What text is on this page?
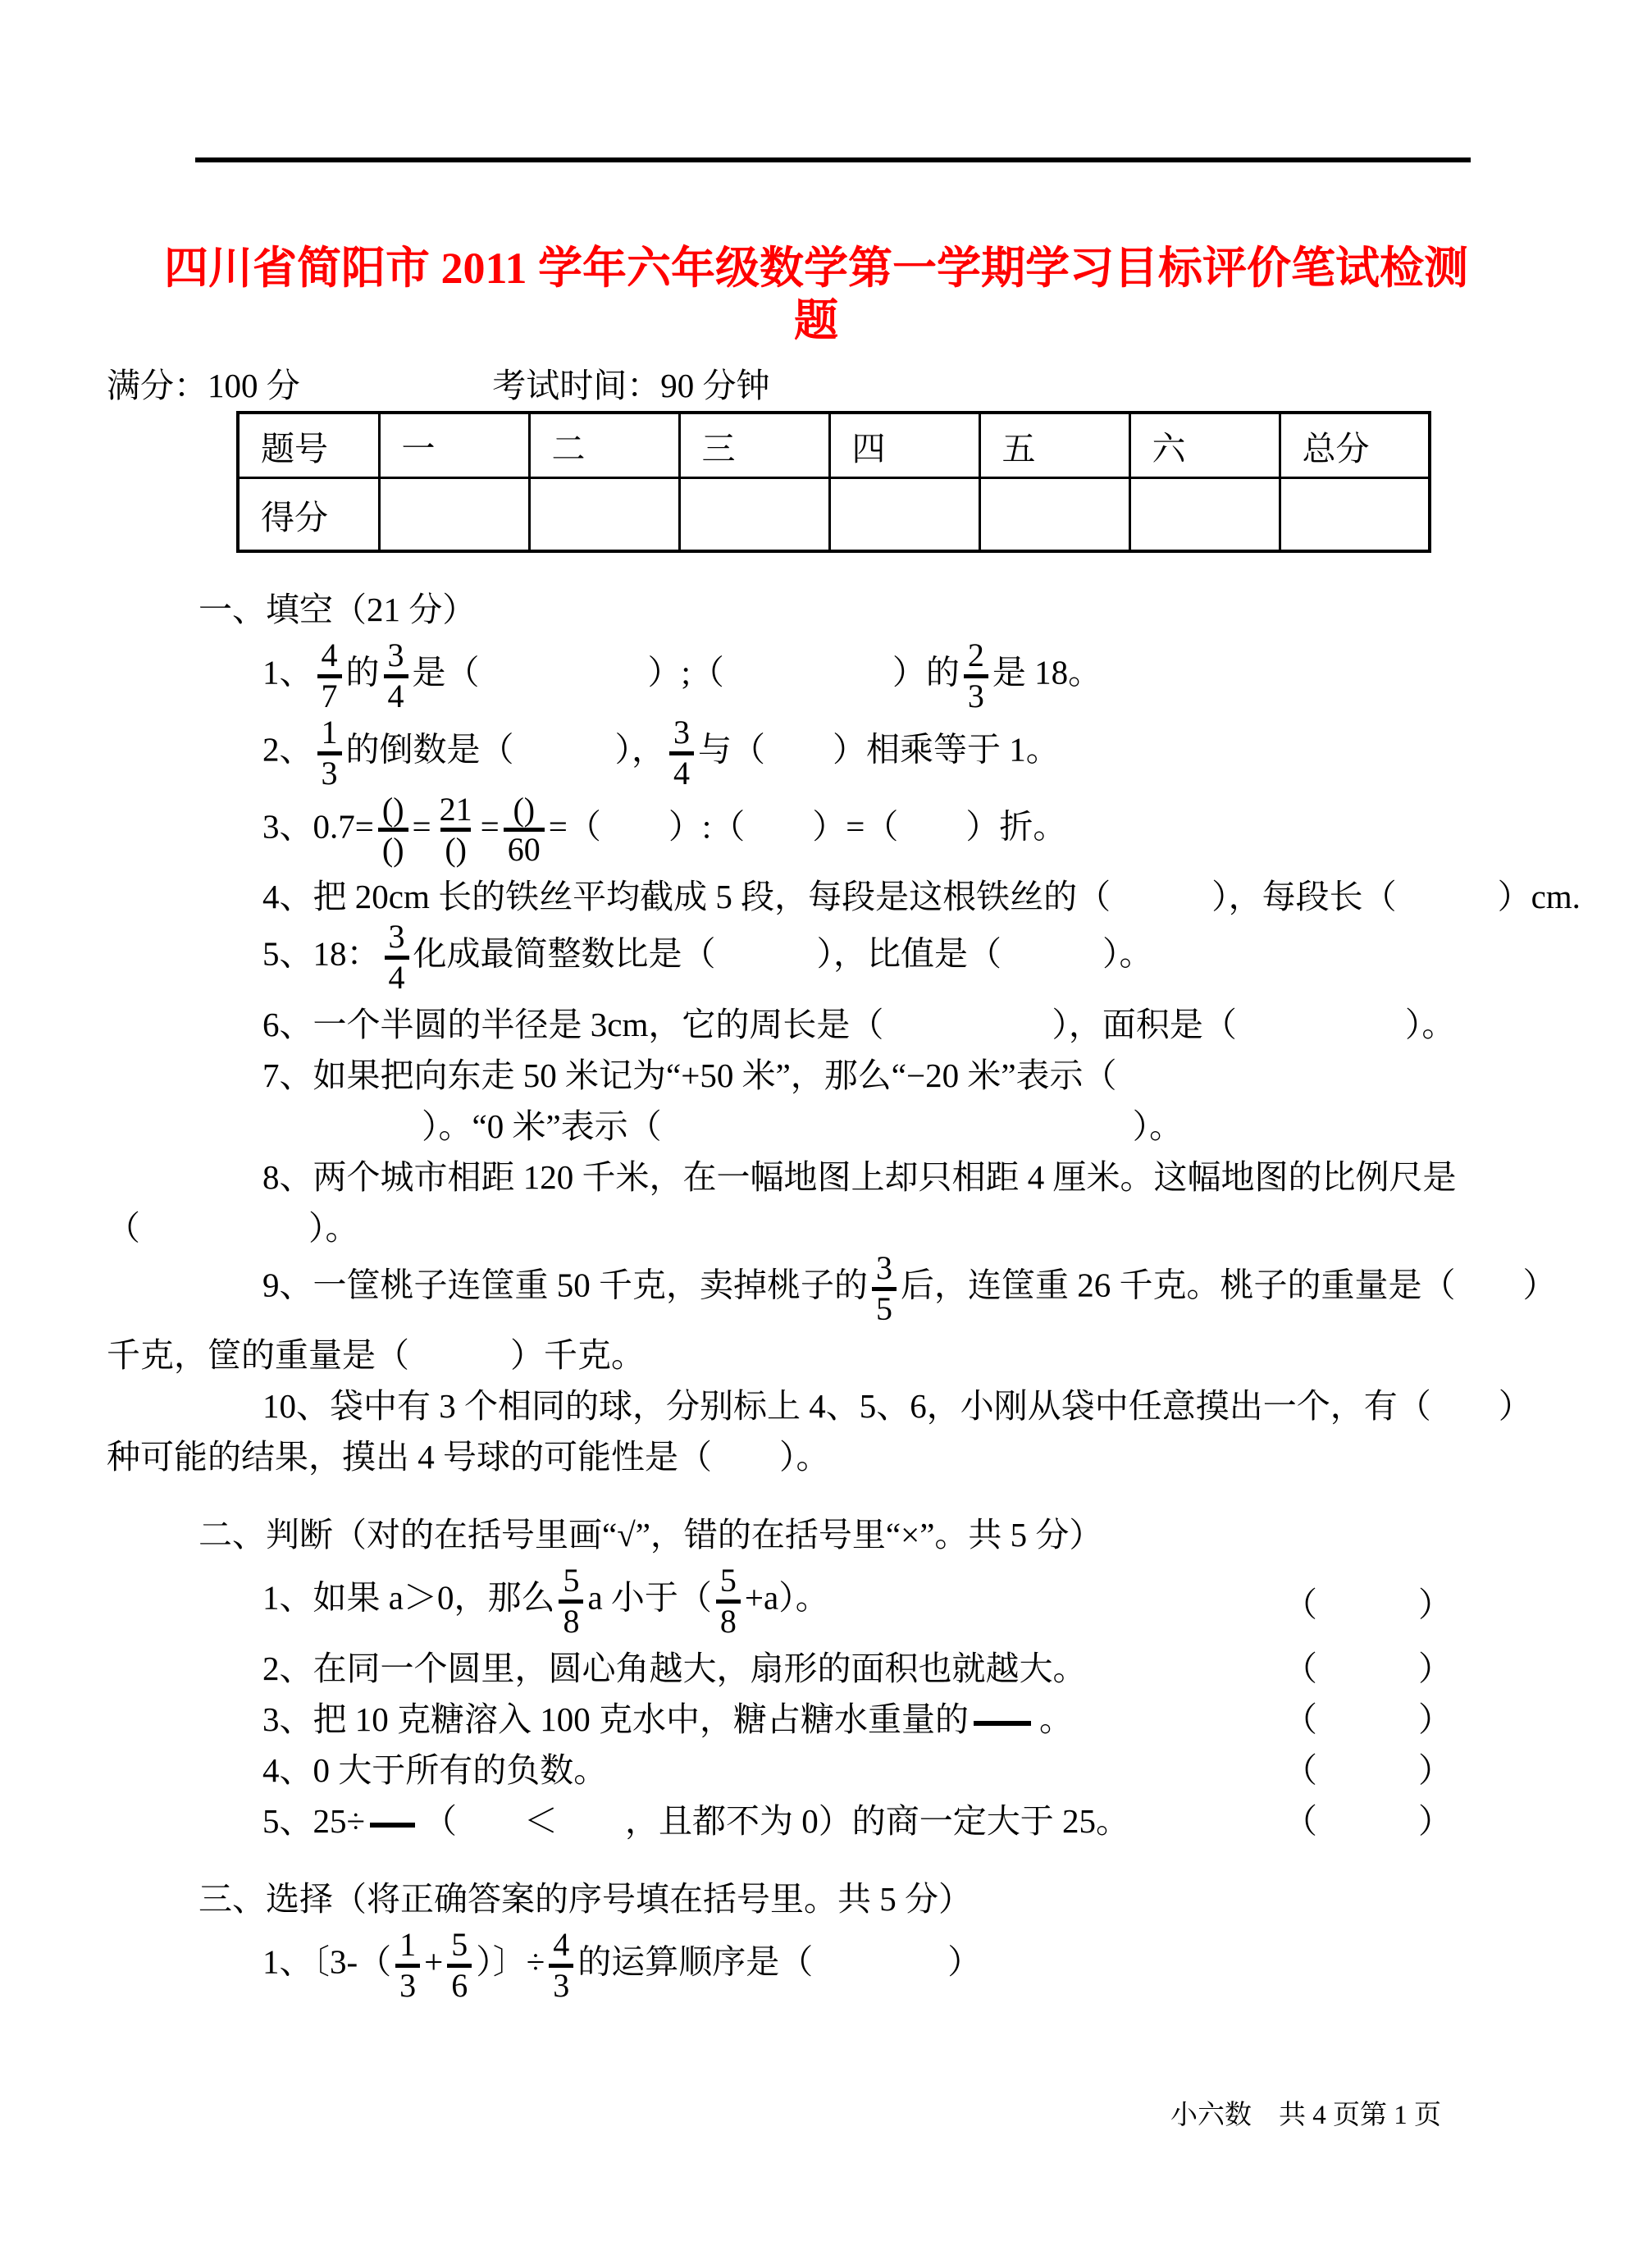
四川省简阳市 2011 学年六年级数学第一学期学习目标评价笔试检测
题
满分：100 分	考试时间：90 分钟
题号	一	二	三	四	五	六	总分
得分							
一、填空（21 分）
1、 $\frac{4}{7}$ 的 $\frac{3}{4}$ 是（　　　　　）;（　　　　　）的 $\frac{2}{3}$ 是 18。
2、 $\frac{1}{3}$ 的倒数是（　　　）， $\frac{3}{4}$ 与（　　）相乘等于 1。
3、$0.7= \frac{()}{()} = \frac{21}{()} = \frac{()}{60}$ =（　　）:（　　）=（　　）折。
4、把 20cm 长的铁丝平均截成 5 段，每段是这根铁丝的（　　　），每段长（　　　）cm.
5、18： $\frac{3}{4}$ 化成最简整数比是（　　　），比值是（　　　）。
6、一个半圆的半径是 3cm，它的周长是（　　　　　），面积是（　　　　　）。
7、如果把向东走 50 米记为“+50 米”，那么“−20 米”表示（
）。“0 米”表示（　　　　　　　　　　　　　　）。
8、两个城市相距 120 千米，在一幅地图上却只相距 4 厘米。这幅地图的比例尺是
（　　　　　）。
9、一筐桃子连筐重 50 千克，卖掉桃子的 $\frac{3}{5}$ 后，连筐重 26 千克。桃子的重量是（　　）
千克，筐的重量是（　　　）千克。
10、袋中有 3 个相同的球，分别标上 4、5、6，小刚从袋中任意摸出一个，有（　　）
种可能的结果，摸出 4 号球的可能性是（　　）。
二、判断（对的在括号里画“√”，错的在括号里“×”。共 5 分）
1、如果 a＞0，那么 $\frac{5}{8}$ a 小于（ $\frac{5}{8} +a$）。	（　　　）
2、在同一个圆里，圆心角越大，扇形的面积也就越大。	（　　　）
3、把 10 克糖溶入 100 克水中，糖占糖水重量的 。	（　　　）
4、0 大于所有的负数。	（　　　）
5、25÷ （　　＜　　，且都不为 0）的商一定大于 25。	（　　　）
三、选择（将正确答案的序号填在括号里。共 5 分）
1、〔$3-( \frac{1}{3} + \frac{5}{6}$ ）〕÷ $\frac{4}{3}$ 的运算顺序是（　　　　）
小六数　共 4 页第 1 页
